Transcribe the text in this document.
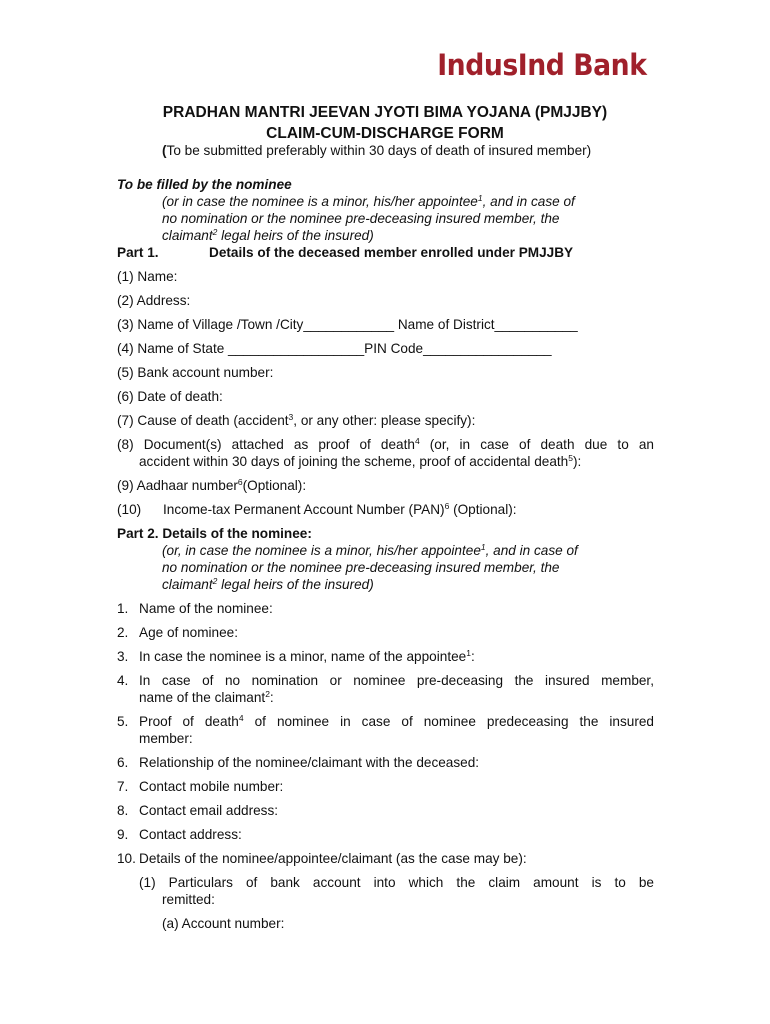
IndusInd Bank
PRADHAN MANTRI JEEVAN JYOTI BIMA YOJANA (PMJJBY)
CLAIM-CUM-DISCHARGE FORM
(To be submitted preferably within 30 days of death of insured member)
To be filled by the nominee
(or in case the nominee is a minor, his/her appointee$^1$, and in case of
no nomination or the nominee pre-deceasing insured member, the
claimant$^2$ legal heirs of the insured)
Part 1.	Details of the deceased member enrolled under PMJJBY
(1) Name:
(2) Address:
(3) Name of Village /Town /City____________ Name of District___________
(4) Name of State __________________PIN Code_________________
(5) Bank account number:
(6) Date of death:
(7) Cause of death (accident$^3$, or any other: please specify):
(8) Document(s) attached as proof of death$^4$ (or, in case of death due to an
accident within 30 days of joining the scheme, proof of accidental death$^5$):
(9) Aadhaar number$^6$(Optional):
(10) Income-tax Permanent Account Number (PAN)$^6$ (Optional):
Part 2. Details of the nominee:
(or, in case the nominee is a minor, his/her appointee$^1$, and in case of
no nomination or the nominee pre-deceasing insured member, the
claimant$^2$ legal heirs of the insured)
1. Name of the nominee:
2. Age of nominee:
3. In case the nominee is a minor, name of the appointee$^1$:
4. In case of no nomination or nominee pre-deceasing the insured member,
name of the claimant$^2$:
5. Proof of death$^4$ of nominee in case of nominee predeceasing the insured
member:
6. Relationship of the nominee/claimant with the deceased:
7. Contact mobile number:
8. Contact email address:
9. Contact address:
10. Details of the nominee/appointee/claimant (as the case may be):
(1) Particulars of bank account into which the claim amount is to be
remitted:
(a) Account number:
